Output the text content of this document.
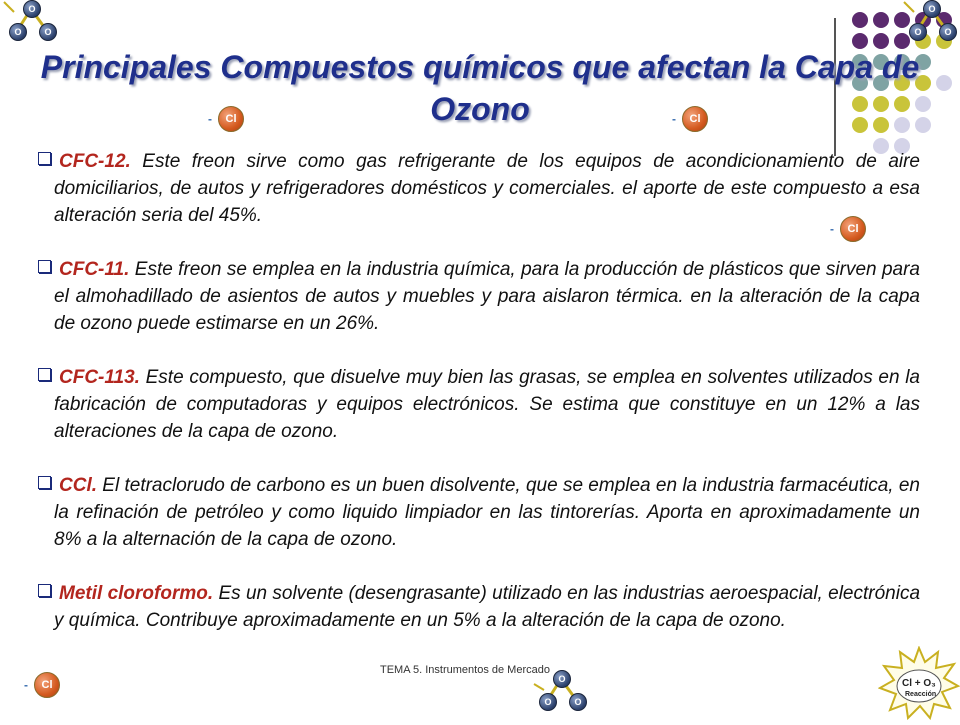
Principales Compuestos químicos que afectan la Capa de Ozono

CFC-12. Este freon sirve como gas refrigerante de los equipos de acondicionamiento de aire domiciliarios, de autos y refrigeradores domésticos y comerciales. el aporte de este compuesto a esa alteración seria del 45%.

CFC-11. Este freon se emplea en la industria química, para la producción de plásticos que sirven para el almohadillado de asientos de autos y muebles y para aislaron térmica. en la alteración de la capa de ozono puede estimarse en un 26%.

CFC-113. Este compuesto, que disuelve muy bien las grasas, se emplea en solventes utilizados en la fabricación de computadoras y equipos electrónicos. Se estima que constituye en un 12% a las alteraciones de la capa de ozono.

CCl. El tetraclorudo de carbono es un buen disolvente, que se emplea en la industria farmacéutica, en la refinación de petróleo y como liquido limpiador en las tintorerías. Aporta en aproximadamente un 8% a la alternación de la capa de ozono.

Metil cloroformo. Es un solvente (desengrasante) utilizado en las industrias aeroespacial, electrónica y química. Contribuye aproximadamente en un 5% a la alteración de la capa de ozono.

-	Cl	-	Cl
-	Cl
-	Cl
O
O	O
O
O	O
O
O	O
TEMA 5. Instrumentos de Mercado
Cl + O₃
Reacción
